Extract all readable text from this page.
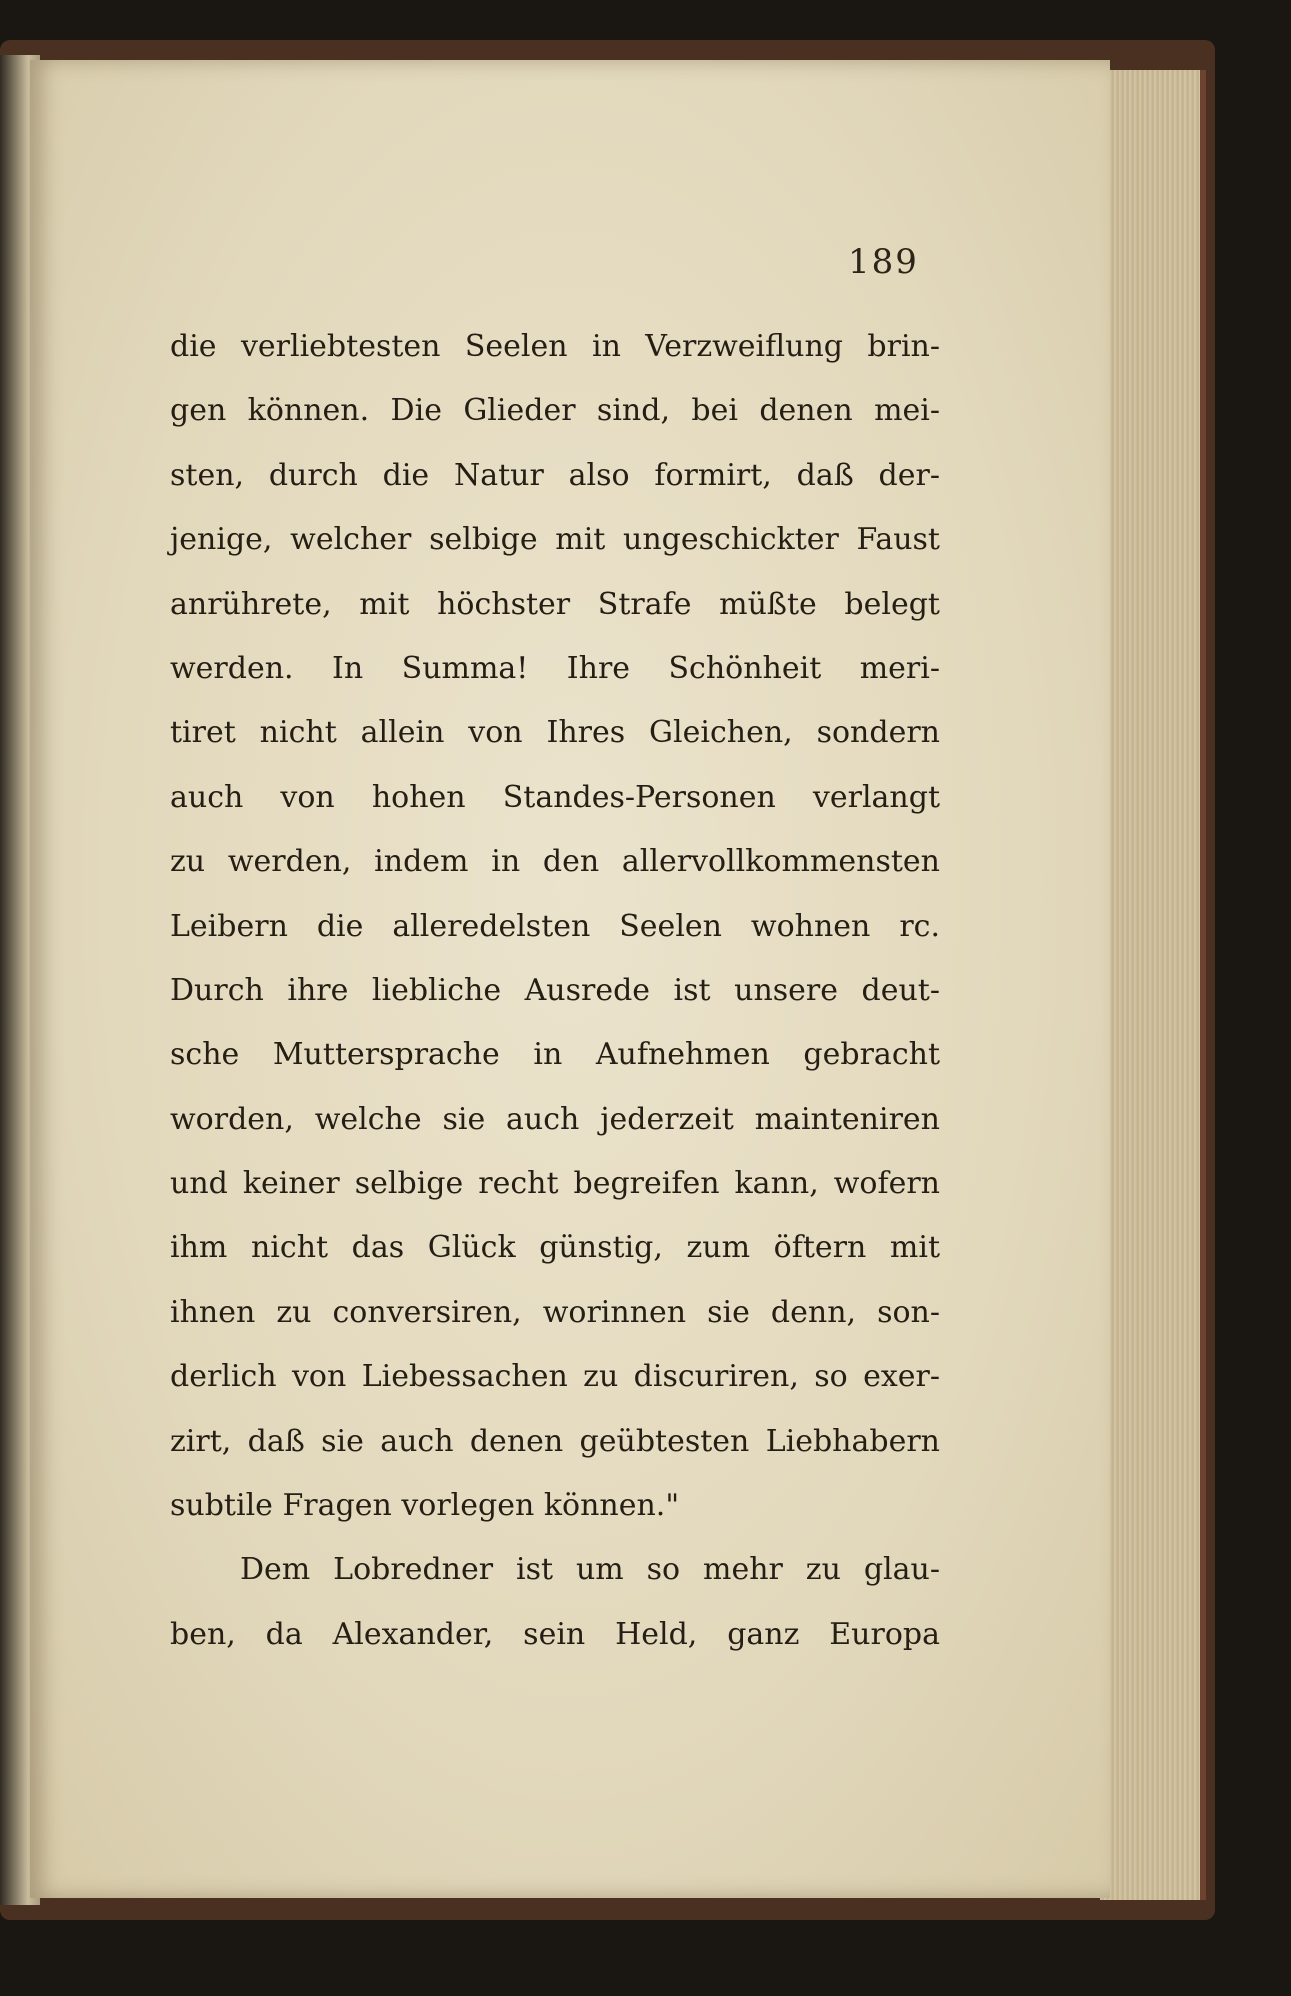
189
die verliebtesten Seelen in Verzweiflung brin-
gen können. Die Glieder sind, bei denen mei-
sten, durch die Natur also formirt, daß der-
jenige, welcher selbige mit ungeschickter Faust
anrührete, mit höchster Strafe müßte belegt
werden. In Summa! Ihre Schönheit meri-
tiret nicht allein von Ihres Gleichen, sondern
auch von hohen Standes-Personen verlangt
zu werden, indem in den allervollkommensten
Leibern die alleredelsten Seelen wohnen rc.
Durch ihre liebliche Ausrede ist unsere deut-
sche Muttersprache in Aufnehmen gebracht
worden, welche sie auch jederzeit mainteniren
und keiner selbige recht begreifen kann, wofern
ihm nicht das Glück günstig, zum öftern mit
ihnen zu conversiren, worinnen sie denn, son-
derlich von Liebessachen zu discuriren, so exer-
zirt, daß sie auch denen geübtesten Liebhabern
subtile Fragen vorlegen können."
Dem Lobredner ist um so mehr zu glau-
ben, da Alexander, sein Held, ganz Europa
